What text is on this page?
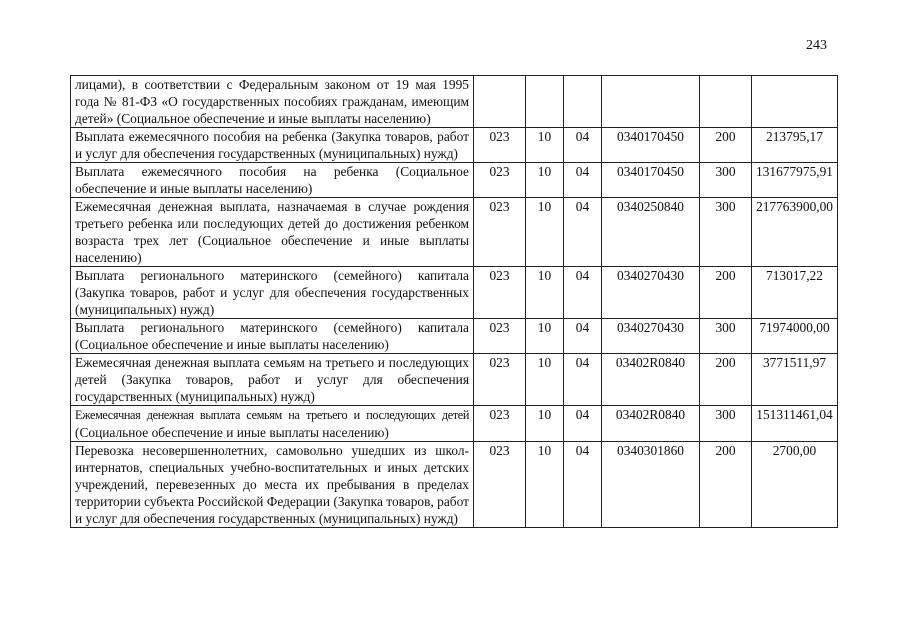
243
лицами), в соответствии с Федеральным законом от 19 мая 1995 года № 81-ФЗ «О государственных пособиях гражданам, имеющим детей» (Социальное обеспечение и иные выплаты населению)						
Выплата ежемесячного пособия на ребенка (Закупка товаров, работ и услуг для обеспечения государственных (муниципальных) нужд)	023	10	04	0340170450	200	213795,17
Выплата ежемесячного пособия на ребенка (Социальное обеспечение и иные выплаты населению)	023	10	04	0340170450	300	131677975,91
Ежемесячная денежная выплата, назначаемая в случае рождения третьего ребенка или последующих детей до достижения ребенком возраста трех лет (Социальное обеспечение и иные выплаты населению)	023	10	04	0340250840	300	217763900,00
Выплата регионального материнского (семейного) капитала (Закупка товаров, работ и услуг для обеспечения государственных (муниципальных) нужд)	023	10	04	0340270430	200	713017,22
Выплата регионального материнского (семейного) капитала (Социальное обеспечение и иные выплаты населению)	023	10	04	0340270430	300	71974000,00
Ежемесячная денежная выплата семьям на третьего и последующих детей (Закупка товаров, работ и услуг для обеспечения государственных (муниципальных) нужд)	023	10	04	03402R0840	200	3771511,97
Ежемесячная денежная выплата семьям на третьего и последующих детей (Социальное обеспечение и иные выплаты населению)	023	10	04	03402R0840	300	151311461,04
Перевозка несовершеннолетних, самовольно ушедших из школ-интернатов, специальных учебно-воспитательных и иных детских учреждений, перевезенных до места их пребывания в пределах территории субъекта Российской Федерации (Закупка товаров, работ и услуг для обеспечения государственных (муниципальных) нужд)	023	10	04	0340301860	200	2700,00
